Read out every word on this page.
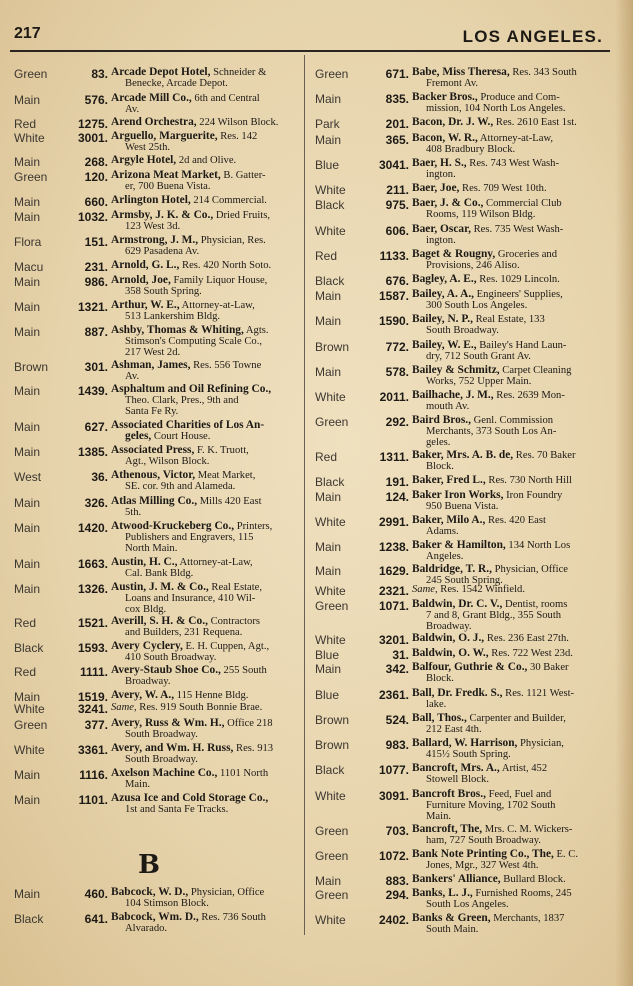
217	LOS ANGELES.
B
Green	83. Arcade Depot Hotel, Schneider &
Benecke, Arcade Depot.
Main	576. Arcade Mill Co., 6th and Central
Av.
Red	1275. Arend Orchestra, 224 Wilson Block.
White	3001. Arguello, Marguerite, Res. 142
West 25th.
Main	268. Argyle Hotel, 2d and Olive.
Green	120. Arizona Meat Market, B. Gatter-
er, 700 Buena Vista.
Main	660. Arlington Hotel, 214 Commercial.
Main	1032. Armsby, J. K. & Co., Dried Fruits,
123 West 3d.
Flora	151. Armstrong, J. M., Physician, Res.
629 Pasadena Av.
Macu	231. Arnold, G. L., Res. 420 North Soto.
Main	986. Arnold, Joe, Family Liquor House,
358 South Spring.
Main	1321. Arthur, W. E., Attorney-at-Law,
513 Lankershim Bldg.
Main	887. Ashby, Thomas & Whiting, Agts.
Stimson's Computing Scale Co.,
217 West 2d.
Brown	301. Ashman, James, Res. 556 Towne
Av.
Main	1439. Asphaltum and Oil Refining Co.,
Theo. Clark, Pres., 9th and
Santa Fe Ry.
Main	627. Associated Charities of Los An-
geles, Court House.
Main	1385. Associated Press, F. K. Truott,
Agt., Wilson Block.
West	36. Athenous, Victor, Meat Market,
SE. cor. 9th and Alameda.
Main	326. Atlas Milling Co., Mills 420 East
5th.
Main	1420. Atwood-Kruckeberg Co., Printers,
Publishers and Engravers, 115
North Main.
Main	1663. Austin, H. C., Attorney-at-Law,
Cal. Bank Bldg.
Main	1326. Austin, J. M. & Co., Real Estate,
Loans and Insurance, 410 Wil-
cox Bldg.
Red	1521. Averill, S. H. & Co., Contractors
and Builders, 231 Requena.
Black	1593. Avery Cyclery, E. H. Cuppen, Agt.,
410 South Broadway.
Red	1111. Avery-Staub Shoe Co., 255 South
Broadway.
Main	1519. Avery, W. A., 115 Henne Bldg.
White	3241. Same, Res. 919 South Bonnie Brae.
Green	377. Avery, Russ & Wm. H., Office 218
South Broadway.
White	3361. Avery, and Wm. H. Russ, Res. 913
South Broadway.
Main	1116. Axelson Machine Co., 1101 North
Main.
Main	1101. Azusa Ice and Cold Storage Co.,
1st and Santa Fe Tracks.
Main	460. Babcock, W. D., Physician, Office
104 Stimson Block.
Black	641. Babcock, Wm. D., Res. 736 South
Alvarado.
Green	671. Babe, Miss Theresa, Res. 343 South
Fremont Av.
Main	835. Backer Bros., Produce and Com-
mission, 104 North Los Angeles.
Park	201. Bacon, Dr. J. W., Res. 2610 East 1st.
Main	365. Bacon, W. R., Attorney-at-Law,
408 Bradbury Block.
Blue	3041. Baer, H. S., Res. 743 West Wash-
ington.
White	211. Baer, Joe, Res. 709 West 10th.
Black	975. Baer, J. & Co., Commercial Club
Rooms, 119 Wilson Bldg.
White	606. Baer, Oscar, Res. 735 West Wash-
ington.
Red	1133. Baget & Rougny, Groceries and
Provisions, 246 Aliso.
Black	676. Bagley, A. E., Res. 1029 Lincoln.
Main	1587. Bailey, A. A., Engineers' Supplies,
300 South Los Angeles.
Main	1590. Bailey, N. P., Real Estate, 133
South Broadway.
Brown	772. Bailey, W. E., Bailey's Hand Laun-
dry, 712 South Grant Av.
Main	578. Bailey & Schmitz, Carpet Cleaning
Works, 752 Upper Main.
White	2011. Bailhache, J. M., Res. 2639 Mon-
mouth Av.
Green	292. Baird Bros., Genl. Commission
Merchants, 373 South Los An-
geles.
Red	1311. Baker, Mrs. A. B. de, Res. 70 Baker
Block.
Black	191. Baker, Fred L., Res. 730 North Hill
Main	124. Baker Iron Works, Iron Foundry
950 Buena Vista.
White	2991. Baker, Milo A., Res. 420 East
Adams.
Main	1238. Baker & Hamilton, 134 North Los
Angeles.
Main	1629. Baldridge, T. R., Physician, Office
245 South Spring.
White	2321. Same, Res. 1542 Winfield.
Green	1071. Baldwin, Dr. C. V., Dentist, rooms
7 and 8, Grant Bldg., 355 South
Broadway.
White	3201. Baldwin, O. J., Res. 236 East 27th.
Blue	31. Baldwin, O. W., Res. 722 West 23d.
Main	342. Balfour, Guthrie & Co., 30 Baker
Block.
Blue	2361. Ball, Dr. Fredk. S., Res. 1121 West-
lake.
Brown	524. Ball, Thos., Carpenter and Builder,
212 East 4th.
Brown	983. Ballard, W. Harrison, Physician,
415½ South Spring.
Black	1077. Bancroft, Mrs. A., Artist, 452
Stowell Block.
White	3091. Bancroft Bros., Feed, Fuel and
Furniture Moving, 1702 South
Main.
Green	703. Bancroft, The, Mrs. C. M. Wickers-
ham, 727 South Broadway.
Green	1072. Bank Note Printing Co., The, E. C.
Jones, Mgr., 327 West 4th.
Main	883. Bankers' Alliance, Bullard Block.
Green	294. Banks, L. J., Furnished Rooms, 245
South Los Angeles.
White	2402. Banks & Green, Merchants, 1837
South Main.
